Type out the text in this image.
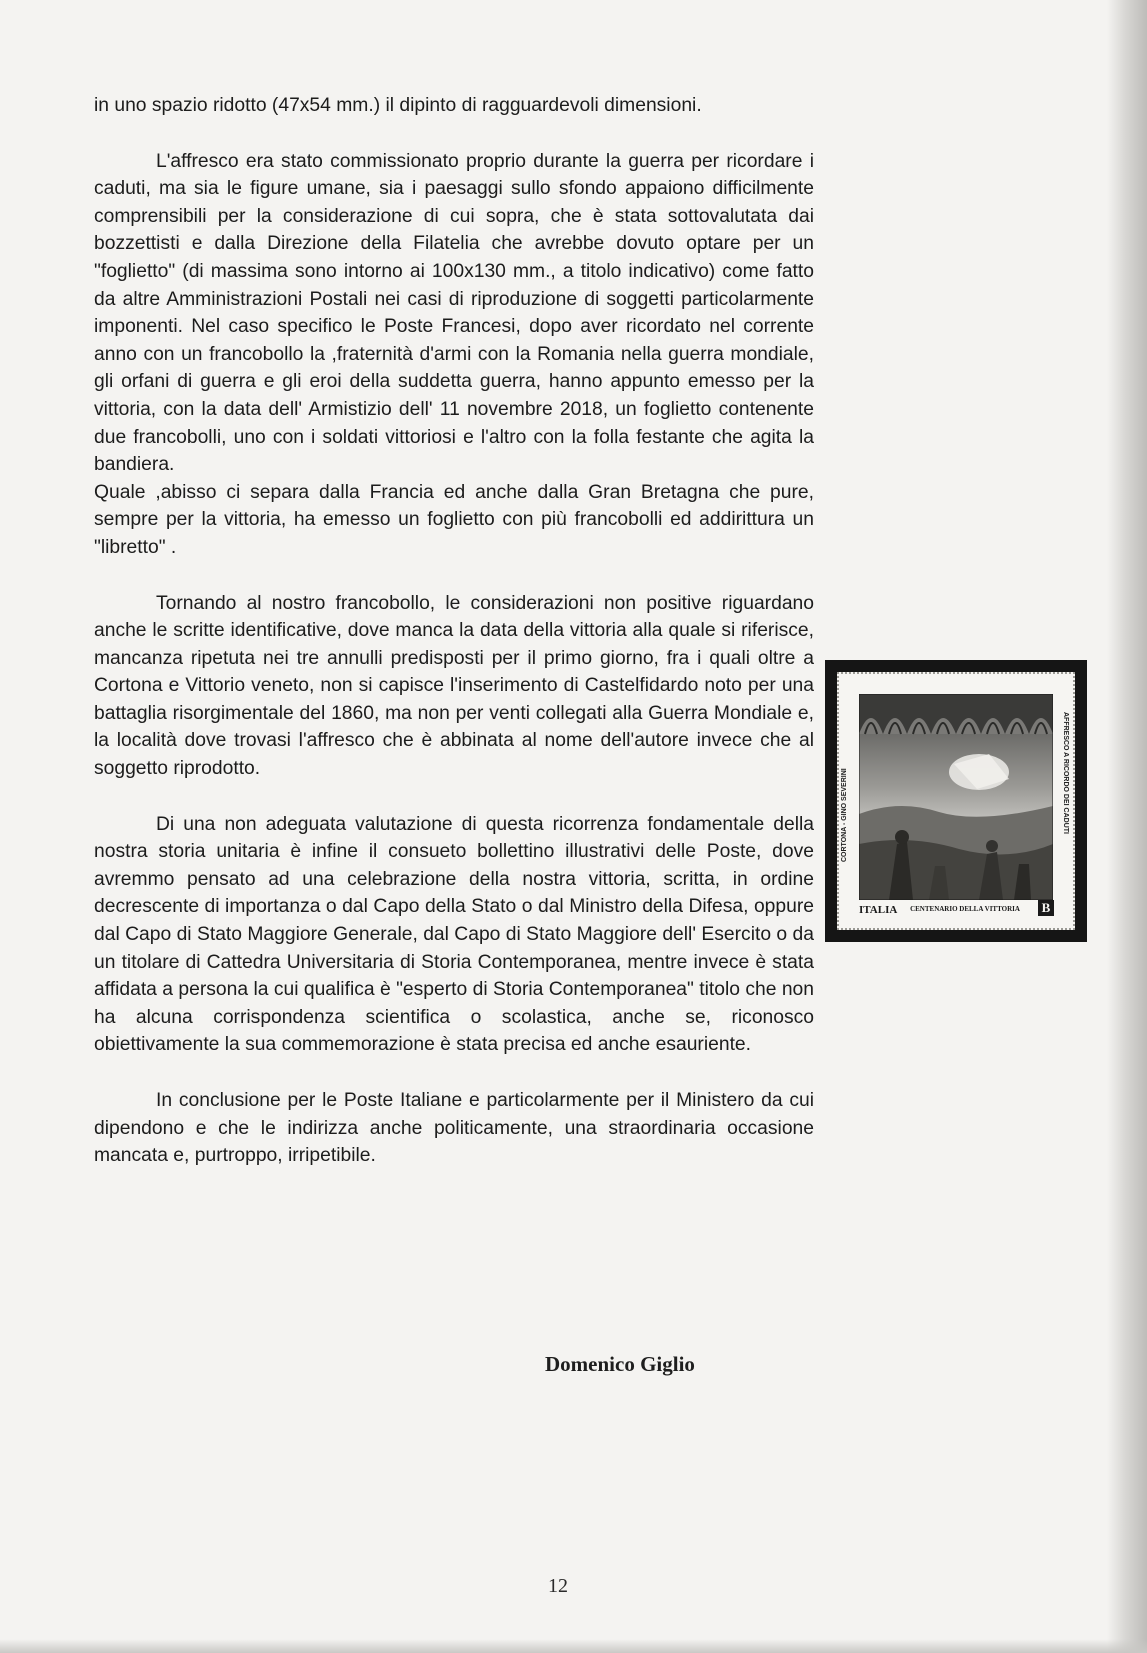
in uno spazio ridotto (47x54 mm.) il dipinto di ragguardevoli dimensioni.

L'affresco era stato commissionato proprio durante la guerra per ricordare i caduti, ma sia le figure umane, sia i paesaggi sullo sfondo appaiono difficilmente comprensibili per la considerazione di cui sopra, che è stata sottovalutata dai bozzettisti e dalla Direzione della Filatelia che avrebbe dovuto optare per un "foglietto" (di massima sono intorno ai 100x130 mm., a titolo indicativo) come fatto da altre Amministrazioni Postali nei casi di riproduzione di soggetti particolarmente imponenti. Nel caso specifico le Poste Francesi, dopo aver ricordato nel corrente anno con un francobollo la ,fraternità d'armi con la Romania nella guerra mondiale, gli orfani di guerra e gli eroi della suddetta guerra, hanno appunto emesso per la vittoria, con la data dell' Armistizio dell' 11 novembre 2018, un foglietto contenente due francobolli, uno con i soldati vittoriosi e l'altro con la folla festante che agita la bandiera.

Quale ,abisso ci separa dalla Francia ed anche dalla Gran Bretagna che pure, sempre per la vittoria, ha emesso un foglietto con più francobolli ed addirittura un "libretto" .

Tornando al nostro francobollo, le considerazioni non positive riguardano anche le scritte identificative, dove manca la data della vittoria alla quale si riferisce, mancanza ripetuta nei tre annulli predisposti per il primo giorno, fra i quali oltre a Cortona e Vittorio veneto, non si capisce l'inserimento di Castelfidardo noto per una battaglia risorgimentale del 1860, ma non per venti collegati alla Guerra Mondiale e, la località dove trovasi l'affresco che è abbinata al nome dell'autore invece che al soggetto riprodotto.

Di una non adeguata valutazione di questa ricorrenza fondamentale della nostra storia unitaria è infine il consueto bollettino illustrativi delle Poste, dove avremmo pensato ad una celebrazione della nostra vittoria, scritta, in ordine decrescente di importanza o dal Capo della Stato o dal Ministro della Difesa, oppure dal Capo di Stato Maggiore Generale, dal Capo di Stato Maggiore dell' Esercito o da un titolare di Cattedra Universitaria di Storia Contemporanea, mentre invece è stata affidata a persona la cui qualifica è "esperto di Storia Contemporanea" titolo che non ha alcuna corrispondenza scientifica o scolastica, anche se, riconosco obiettivamente la sua commemorazione è stata precisa ed anche esauriente.

In conclusione per le Poste Italiane e particolarmente per il Ministero da cui dipendono e che le indirizza anche politicamente, una straordinaria occasione mancata e, purtroppo, irripetibile.

Domenico Giglio
12
CORTONA - GINO SEVERINI	AFFRESCO A RICORDO DEI CADUTI
ITALIA	CENTENARIO DELLA VITTORIA	B
